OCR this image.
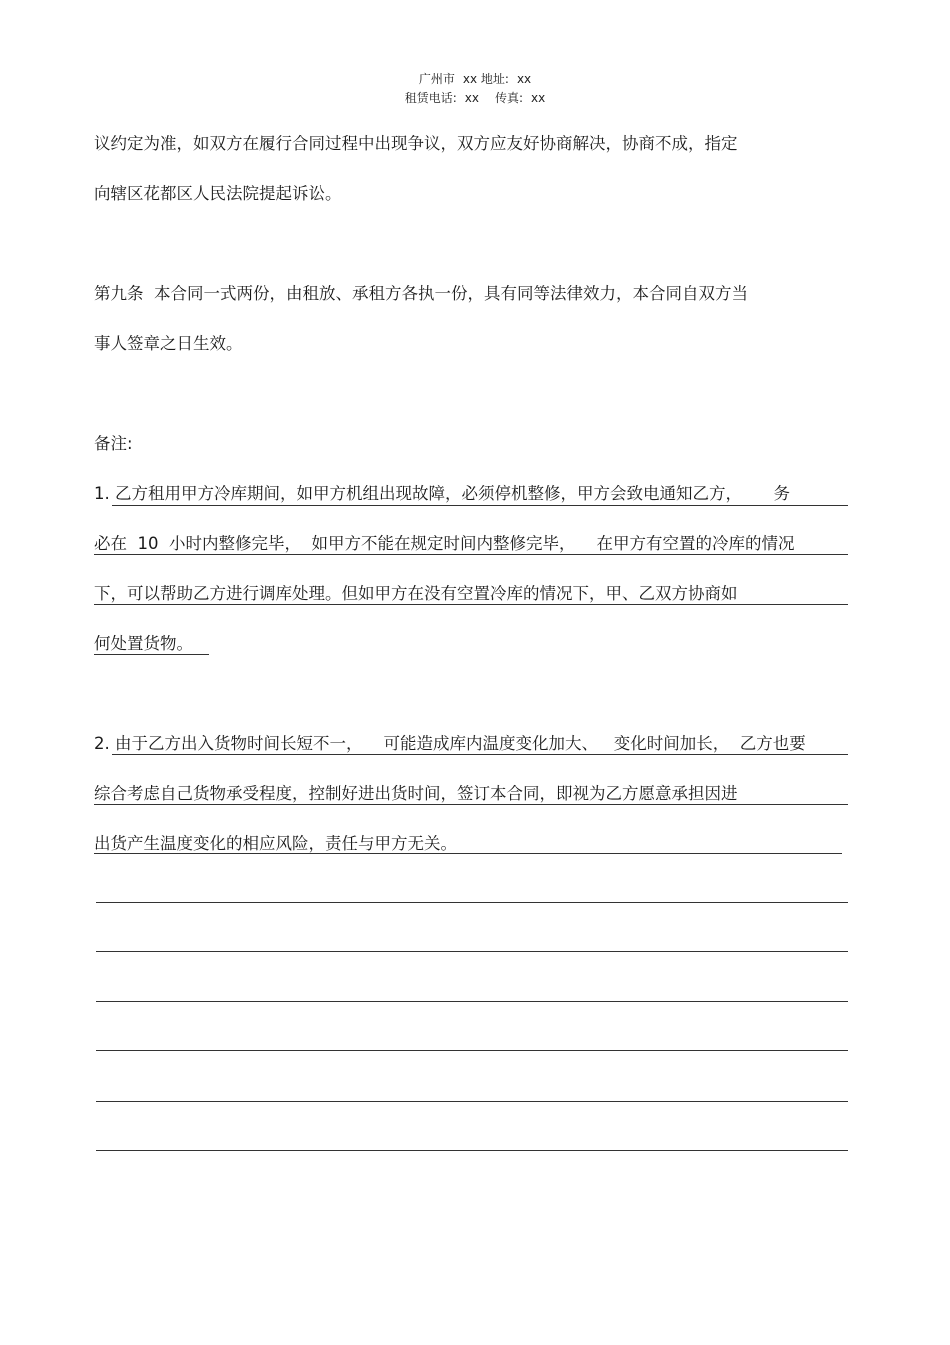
广州市 xx 地址: xx
租赁电话: xx 传真: xx
议约定为准，如双方在履行合同过程中出现争议，双方应友好协商解决，协商不成，指定
向辖区花都区人民法院提起诉讼。
第九条  本合同一式两份，由租放、承租方各执一份，具有同等法律效力，本合同自双方当
事人签章之日生效。
备注:
1. 乙方租用甲方冷库期间，如甲方机组出现故障，必须停机整修，甲方会致电通知乙方，      务
必在  10  小时内整修完毕，  如甲方不能在规定时间内整修完毕，    在甲方有空置的冷库的情况
下，可以帮助乙方进行调库处理。但如甲方在没有空置冷库的情况下，甲、乙双方协商如
何处置货物。
2. 由于乙方出入货物时间长短不一，    可能造成库内温度变化加大、   变化时间加长，  乙方也要
综合考虑自己货物承受程度，控制好进出货时间，签订本合同，即视为乙方愿意承担因进
出货产生温度变化的相应风险，责任与甲方无关。
